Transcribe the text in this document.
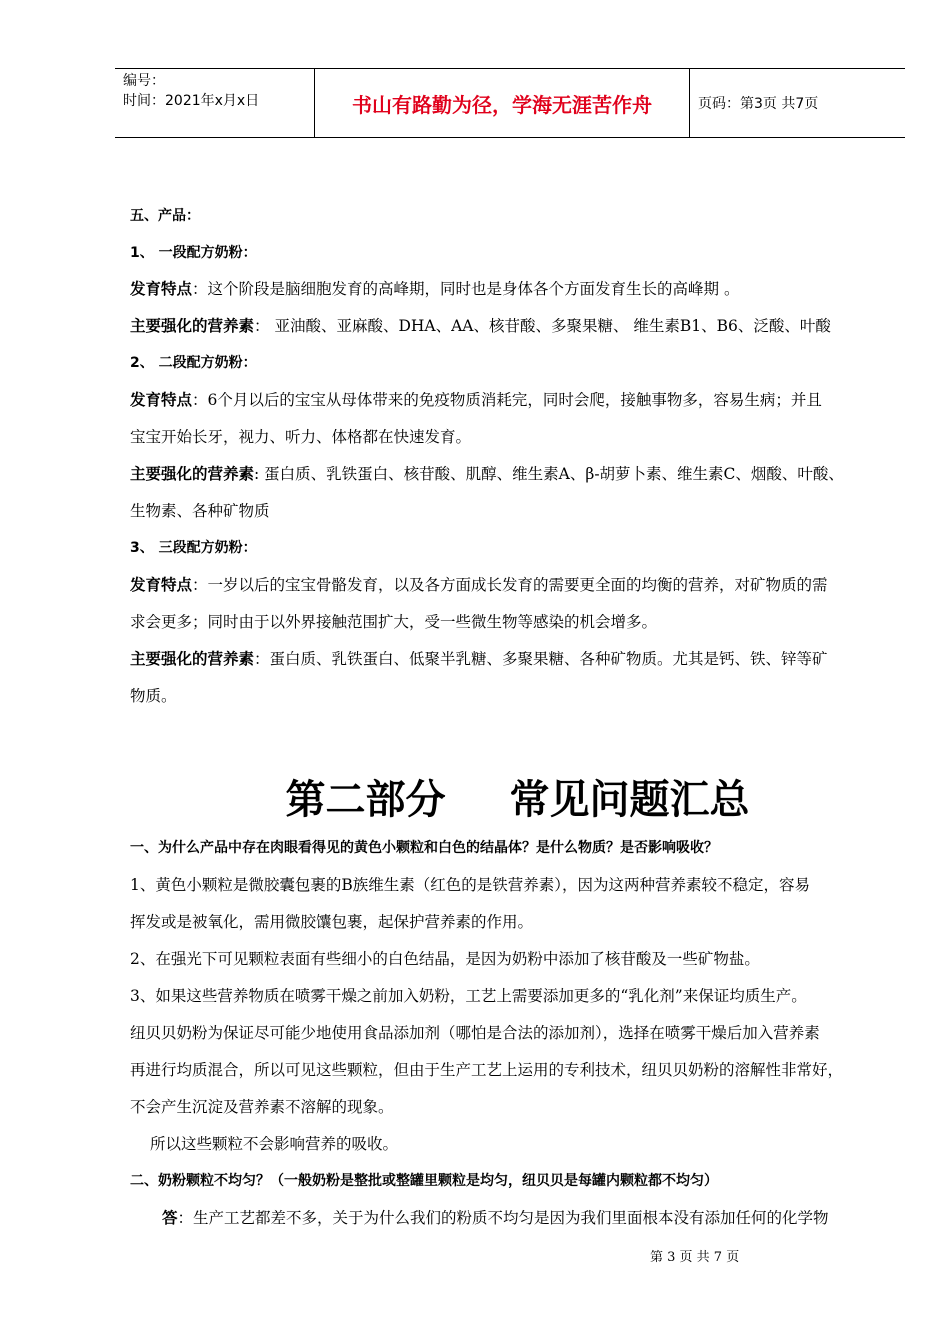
编号：
时间：2021年x月x日	书山有路勤为径，学海无涯苦作舟	页码：第3页 共7页

五、产品：

1、 一段配方奶粉：

发育特点：这个阶段是脑细胞发育的高峰期，同时也是身体各个方面发育生长的高峰期 。

主要强化的营养素： 亚油酸、亚麻酸、DHA、AA、核苷酸、多聚果糖、 维生素B1、B6、泛酸、叶酸

2、 二段配方奶粉：

发育特点：6个月以后的宝宝从母体带来的免疫物质消耗完，同时会爬，接触事物多，容易生病；并且

宝宝开始长牙，视力、听力、体格都在快速发育。

主要强化的营养素: 蛋白质、乳铁蛋白、核苷酸、肌醇、维生素A、β-胡萝卜素、维生素C、烟酸、叶酸、

生物素、各种矿物质

3、 三段配方奶粉：

发育特点：一岁以后的宝宝骨骼发育，以及各方面成长发育的需要更全面的均衡的营养，对矿物质的需

求会更多；同时由于以外界接触范围扩大，受一些微生物等感染的机会增多。

主要强化的营养素：蛋白质、乳铁蛋白、低聚半乳糖、多聚果糖、各种矿物质。尤其是钙、铁、锌等矿

物质。

第二部分 常见问题汇总

一、为什么产品中存在肉眼看得见的黄色小颗粒和白色的结晶体？是什么物质？是否影响吸收？

1、黄色小颗粒是微胶囊包裹的B族维生素（红色的是铁营养素），因为这两种营养素较不稳定，容易

挥发或是被氧化，需用微胶馕包裹，起保护营养素的作用。

2、在强光下可见颗粒表面有些细小的白色结晶，是因为奶粉中添加了核苷酸及一些矿物盐。

3、如果这些营养物质在喷雾干燥之前加入奶粉，工艺上需要添加更多的“乳化剂”来保证均质生产。

纽贝贝奶粉为保证尽可能少地使用食品添加剂（哪怕是合法的添加剂），选择在喷雾干燥后加入营养素

再进行均质混合，所以可见这些颗粒，但由于生产工艺上运用的专利技术，纽贝贝奶粉的溶解性非常好，

不会产生沉淀及营养素不溶解的现象。

所以这些颗粒不会影响营养的吸收。

二、奶粉颗粒不均匀？（一般奶粉是整批或整罐里颗粒是均匀，纽贝贝是每罐内颗粒都不均匀）

答：生产工艺都差不多，关于为什么我们的粉质不均匀是因为我们里面根本没有添加任何的化学物

第 3 页 共 7 页
